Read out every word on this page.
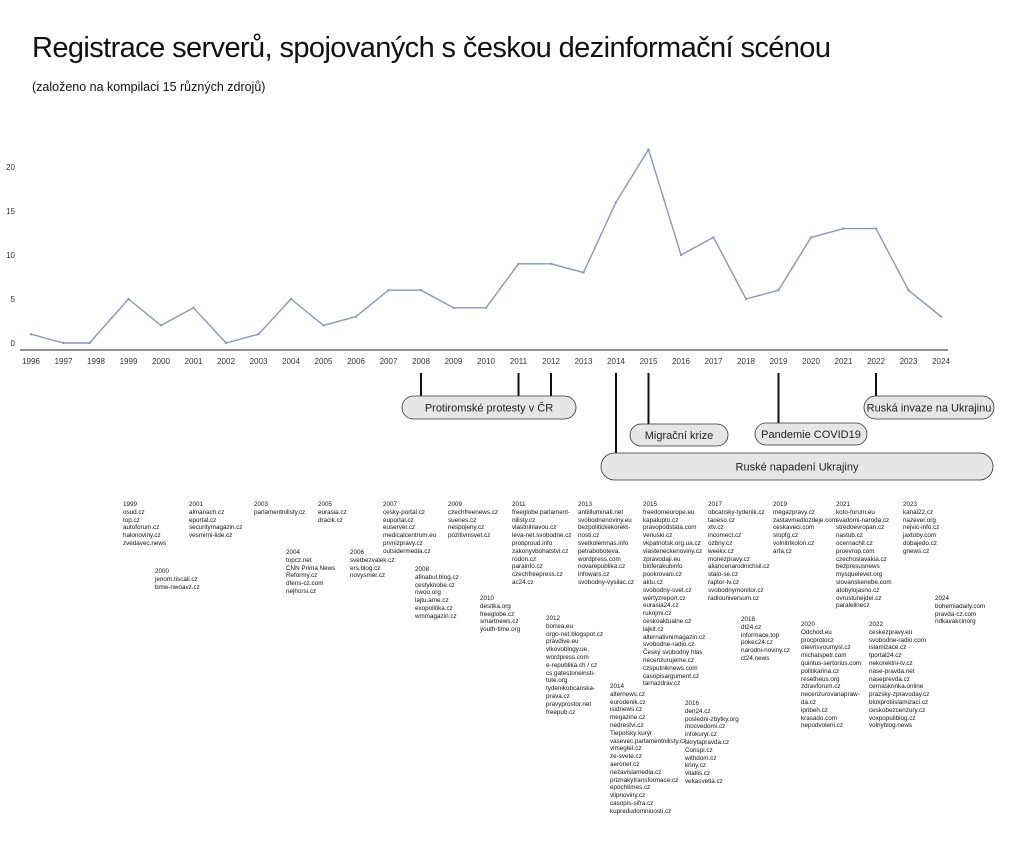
Registrace serverů, spojovaných s českou dezinformační scénou
(založeno na kompilaci 15 různých zdrojů)
0
5
10
15
20
1996 1997 1998 1999 2000 2001 2002 2003 2004 2005 2006 2007 2008 2009 2010 2011 2012 2013 2014 2015 2016 2017 2018 2019 2020 2021 2022 2023 2024
Protiromské protesty v ČR
Ruské napadení Ukrajiny
Migrační krize	Pandemie COVID19
Ruská invaze na Ukrajinu
1999
osud.cz
top.cz
autoforum.cz
halonoviny.cz
zvedavec.news
2000
jenom.tiscali.cz
bmw-nwoavz.cz
2001
almanach.cz
eportal.cz
securitymagazin.cz
vesmirni-lide.cz
2003
parlamentnilisty.cz
2004
topcz.net
CNN Prima News
Reformy.cz
dfens-cz.com
nejhorsi.cz
2005
eurasia.cz
dracik.cz
2006
svetbezvalek.cz
ers.blog.cz
novysmer.cz
2007
cesky-portal.cz
euportal.cz
euserver.cz
medicalcentrum.eu
prvnizpravy.cz
outsidermedia.cz
2008
afinabul.blog.cz
cestyknobe.cz
nwoo.org
lajtu.ame.cz
exopolitika.cz
wmmagazin.cz
2009
czechfreenews.cz
suenes.cz
nespojeny.cz
pozitivnisvet.cz
2010
desitka.org
freeglobe.cz
smartnews.cz
youth-time.org
2011
freeglobe.parlament-
nilisty.cz
vlastnihlavou.cz
leva-net.svobodne.cz
protiproud.info
zakonyvbohatstvi.cz
rodon.cz
parainfo.cz
czechfreepress.cz
ac24.cz
2012
borrea.eu
orgo-net.blogspot.cz
pravdive.eu
vlkovoblogy.ue.
wordpress.com
e-republika.ch / cz
cs.gatestoneinsti-
tute.org
tydenikobcanska-
prava.cz
pravyprostor.net
freepub.cz
2013
antiilluminati.net
svobodnenoviny.eu
bezpolitickekorekt-
nosti.cz
svetkolemnas.info
petraboboteva.
wordpress.com
novarepublika.cz
infowars.cz
svobodny-vysilac.cz
2014
alternews.cz
eurodenik.cz
isidnews.cz
megazine.cz
nedrestvi.cz
Tiepolsky kurýr
vasevec.parlamentnilisty.cz
vlmeglet.cz
ze-svete.cz
aeronet.cz
nezavislamedia.cz
priznakytransformace.cz
epochtimes.cz
vlipnoviny.cz
casopis-sifra.cz
kupredudomniuosti.cz
2015
freedomeurope.eu
kapalupto.cz
pravopodstata.com
venuski.cz
vkpatriotsk.org.ua.cz
vlasteneckenoviny.cz
zpravodaji.eu
bioferakubinfo
pookrovani.cz
aktu.cz
svobodny-svet.cz
wertyzreport.cz
eurasia24.cz
rukojmi.cz
ceskoaktualne.cz
lajkit.cz
alternativnimagazin.cz
svobodne-radio.cz
Český svobodný hlas
necenzurujeme.cz
czsputniknews.com
casopisargument.cz
tarnazdrav.cz
2016
den24.cz
posledni-zbytky.org
mocvedomi.cz
infokuryr.cz
skrytapravda.cz
Conspi.cz
withdom.cz
kriny.cz
vitallis.cz
vekasvetla.cz
2017
obcansky-tydenik.cz
taoeso.cz
xtv.cz
incomect.cz
ozbny.cz
weekx.cz
monezpravy.cz
aliancenarodnichsil.cz
stalo-se.cz
raptor-tv.cz
svobodnymonitor.cz
radiouniversum.cz
2018
dt24.cz
informace.top
pokec24.cz
narodni-noviny.cz
ct24.news
2019
megazpravy.cz
zastavmedlozdeje.com
ceskaveci.com
stopfg.cz
volnitrikolon.cz
arfa.cz
2020
Odchod.eu
procprotocz
otevrisvoumysl.cz
michalspetr.com
quintus-sertorius.com
politikarina.cz
resetheus.org
zdravforum.cz
necenzurovanapraw-
da.cz
ipribeh.cz
krasado.com
nepodvoleni.cz
2021
koto-forum.eu
svadomi-naroda.cz
stredoevropan.cz
nastub.cz
ocernachil.cz
proevrop.com
czechoslavakia.cz
bezpresusnews
mysquelevet.org
slovanskenebe.com
atobylojasno.cz
ovrustunejdei.cz
paralelinecz
2022
ceskezpravy.eu
svobodne-radio.com
islamizace.cz
tportal24.cz
nekorektni-tv.cz
nase-pravda.net
naseprevda.cz
cernaskrinka.online
prazsky-zpravoday.cz
blokprotiislamizaci.cz
ceskobezcenzury.cz
voxpopuliblog.cz
volnyblog.news
2023
kanal22.cz
nazever.org
nejvic-info.cz
jaxtoby.com
dobajedo.cz
gnews.cz
2024
bohemiadaily.com
pravda-cz.com
ridkavakcinorg
